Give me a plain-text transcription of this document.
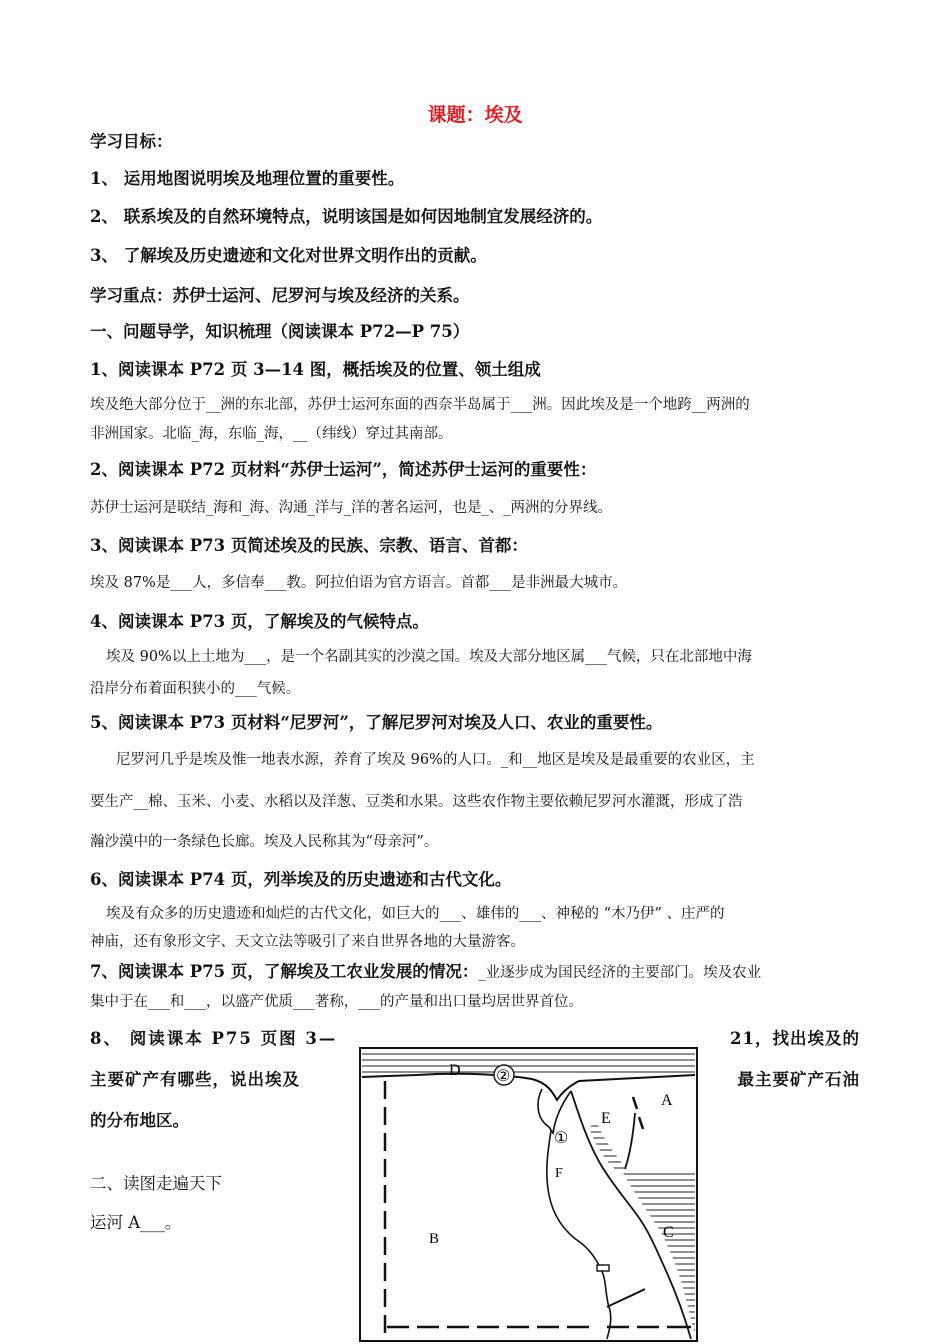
课题：埃及
学习目标：
1、 运用地图说明埃及地理位置的重要性。
2、 联系埃及的自然环境特点，说明该国是如何因地制宜发展经济的。
3、 了解埃及历史遗迹和文化对世界文明作出的贡献。
学习重点：苏伊士运河、尼罗河与埃及经济的关系。
一、问题导学，知识梳理（阅读课本 P72—P 75）
1、阅读课本 P72 页 3—14 图，概括埃及的位置、领土组成
埃及绝大部分位于__洲的东北部，苏伊士运河东面的西奈半岛属于___洲。因此埃及是一个地跨__两洲的
非洲国家。北临_海，东临_海，__（纬线）穿过其南部。
2、阅读课本 P72 页材料“苏伊士运河”，简述苏伊士运河的重要性：
苏伊士运河是联结_海和_海、沟通_洋与_洋的著名运河，也是_、_两洲的分界线。
3、阅读课本 P73 页简述埃及的民族、宗教、语言、首都：
埃及 87%是___人，多信奉___教。阿拉伯语为官方语言。首都___是非洲最大城市。
4、阅读课本 P73 页，了解埃及的气候特点。
埃及 90%以上土地为___，是一个名副其实的沙漠之国。埃及大部分地区属___气候，只在北部地中海
沿岸分布着面积狭小的___气候。
5、阅读课本 P73 页材料“尼罗河”，了解尼罗河对埃及人口、农业的重要性。
尼罗河几乎是埃及惟一地表水源，养育了埃及 96%的人口。_和__地区是埃及是最重要的农业区，主
要生产__棉、玉米、小麦、水稻以及洋葱、豆类和水果。这些农作物主要依赖尼罗河水灌溉，形成了浩
瀚沙漠中的一条绿色长廊。埃及人民称其为“母亲河”。
6、阅读课本 P74 页，列举埃及的历史遗迹和古代文化。
埃及有众多的历史遗迹和灿烂的古代文化，如巨大的___、雄伟的___、神秘的 “木乃伊” 、庄严的
神庙，还有象形文字、天文立法等吸引了来自世界各地的大量游客。
7、阅读课本 P75 页，了解埃及工农业发展的情况：_业逐步成为国民经济的主要部门。埃及农业
集中于在___和___，以盛产优质___著称，___的产量和出口量均居世界首位。
8、 阅读课本 P75 页图 3—	21，找出埃及的
主要矿产有哪些，说出埃及	最主要矿产石油
的分布地区。
二、读图走遍天下
运河 A___。
D ②
A
E
①
F
B	C
